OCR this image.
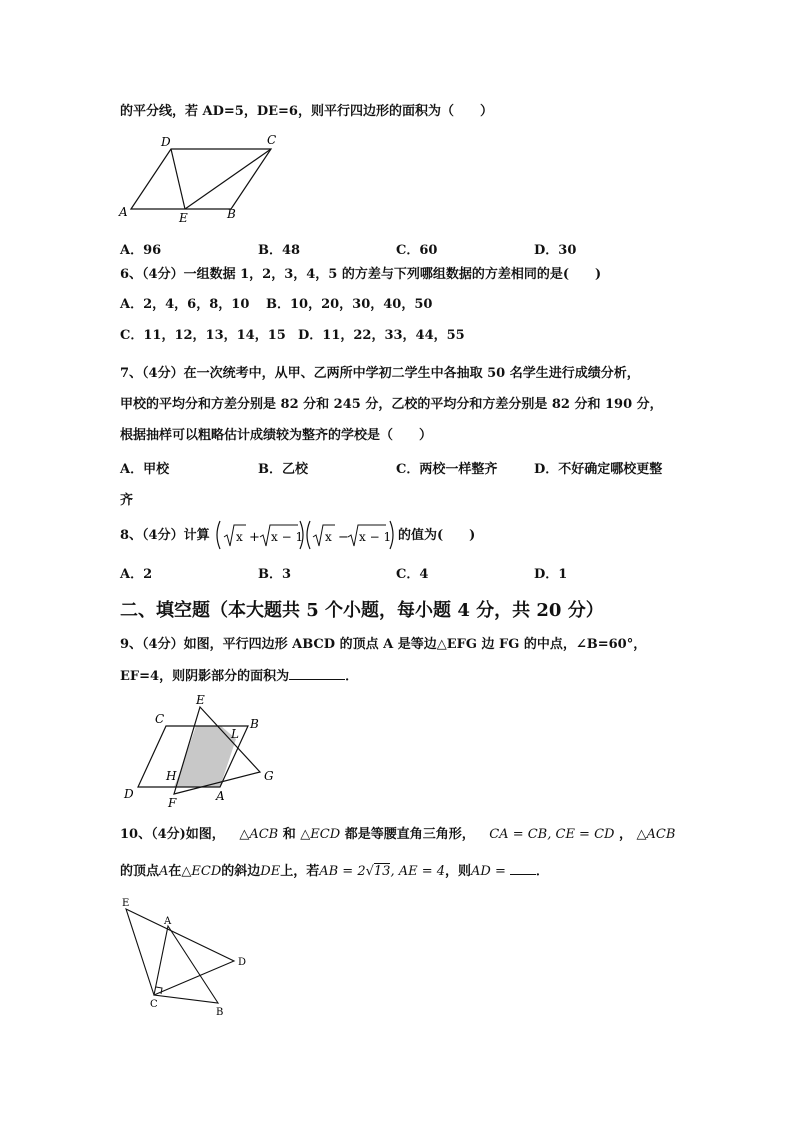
的平分线，若 AD=5，DE=6，则平行四边形的面积为（　　）
D	C
A	E	B
A．96	B．48	C．60	D．30
6、（4分）一组数据 1，2，3，4，5 的方差与下列哪组数据的方差相同的是(　　)
A．2，4，6，8，10 B．10，20，30，40，50
C．11，12，13，14，15 D．11，22，33，44，55
7、（4分）在一次统考中，从甲、乙两所中学初二学生中各抽取 50 名学生进行成绩分析，
甲校的平均分和方差分别是 82 分和 245 分，乙校的平均分和方差分别是 82 分和 190 分，
根据抽样可以粗略估计成绩较为整齐的学校是（　　）
A．甲校	B．乙校	C．两校一样整齐	D．不好确定哪校更整
齐
8、（4分）计算 x + x − 1 x − x − 1 的值为(　　)
A．2	B．3	C．4	D．1
二、填空题（本大题共 5 个小题，每小题 4 分，共 20 分）
9、（4分）如图，平行四边形 ABCD 的顶点 A 是等边△EFG 边 FG 的中点，∠B=60°，
EF=4，则阴影部分的面积为	．
E
C	B
L
H	G
D
F	A
10、（4分)如图， △ACB 和 △ECD 都是等腰直角三角形， CA = CB, CE = CD ， △ACB
的顶点A在△ECD的斜边DE上，若AB = 2√13, AE = 4，则AD = ．
E
A
D
C
B
